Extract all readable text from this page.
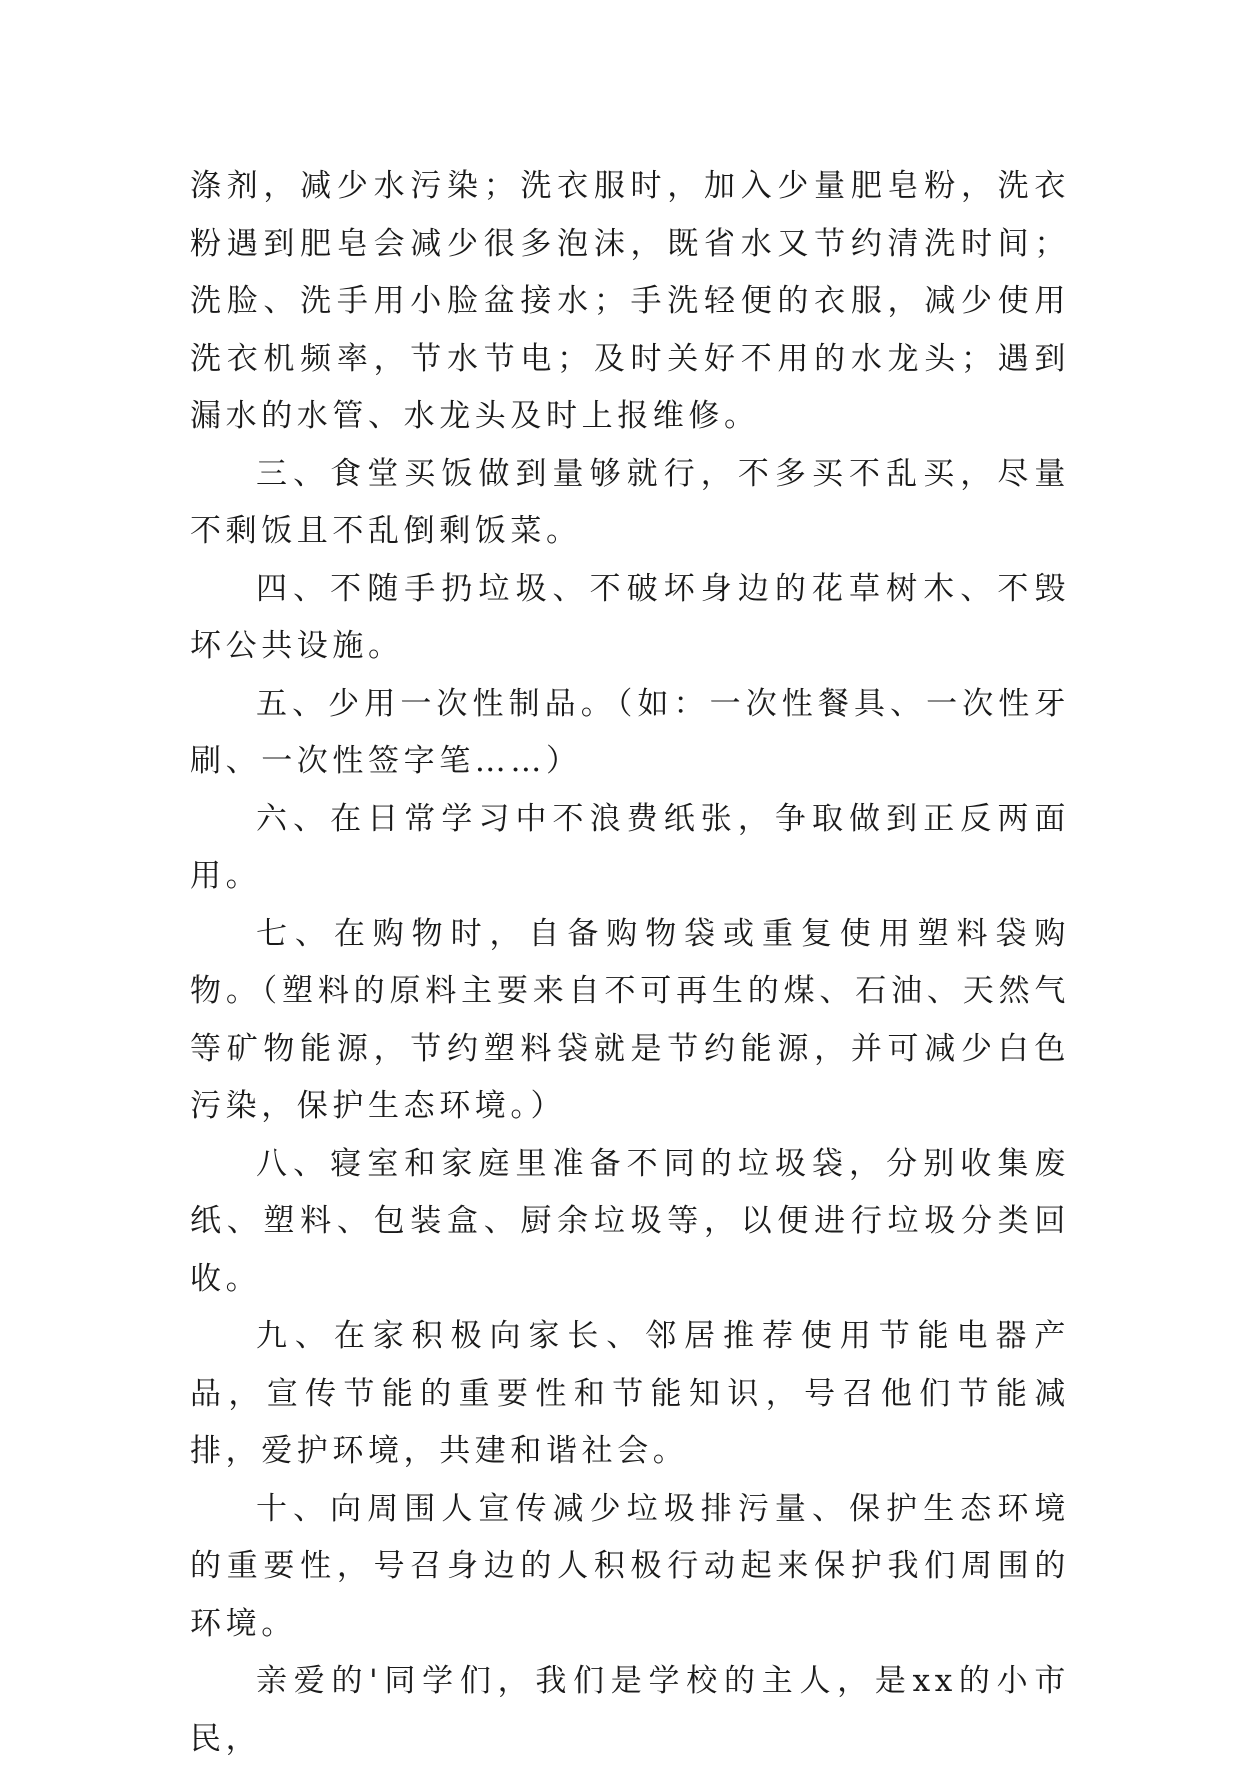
涤剂，减少水污染；洗衣服时，加入少量肥皂粉，洗衣粉遇到肥皂会减少很多泡沫，既省水又节约清洗时间；洗脸、洗手用小脸盆接水；手洗轻便的衣服，减少使用洗衣机频率，节水节电；及时关好不用的水龙头；遇到漏水的水管、水龙头及时上报维修。

三、食堂买饭做到量够就行，不多买不乱买，尽量不剩饭且不乱倒剩饭菜。

四、不随手扔垃圾、不破坏身边的花草树木、不毁坏公共设施。

五、少用一次性制品。（如：一次性餐具、一次性牙刷、一次性签字笔……）

六、在日常学习中不浪费纸张，争取做到正反两面用。

七、在购物时，自备购物袋或重复使用塑料袋购物。（塑料的原料主要来自不可再生的煤、石油、天然气等矿物能源，节约塑料袋就是节约能源，并可减少白色污染，保护生态环境。）

八、寝室和家庭里准备不同的垃圾袋，分别收集废纸、塑料、包装盒、厨余垃圾等，以便进行垃圾分类回收。

九、在家积极向家长、邻居推荐使用节能电器产品，宣传节能的重要性和节能知识，号召他们节能减排，爱护环境，共建和谐社会。

十、向周围人宣传减少垃圾排污量、保护生态环境的重要性，号召身边的人积极行动起来保护我们周围的环境。

亲爱的'同学们，我们是学校的主人，是xx的小市民，
